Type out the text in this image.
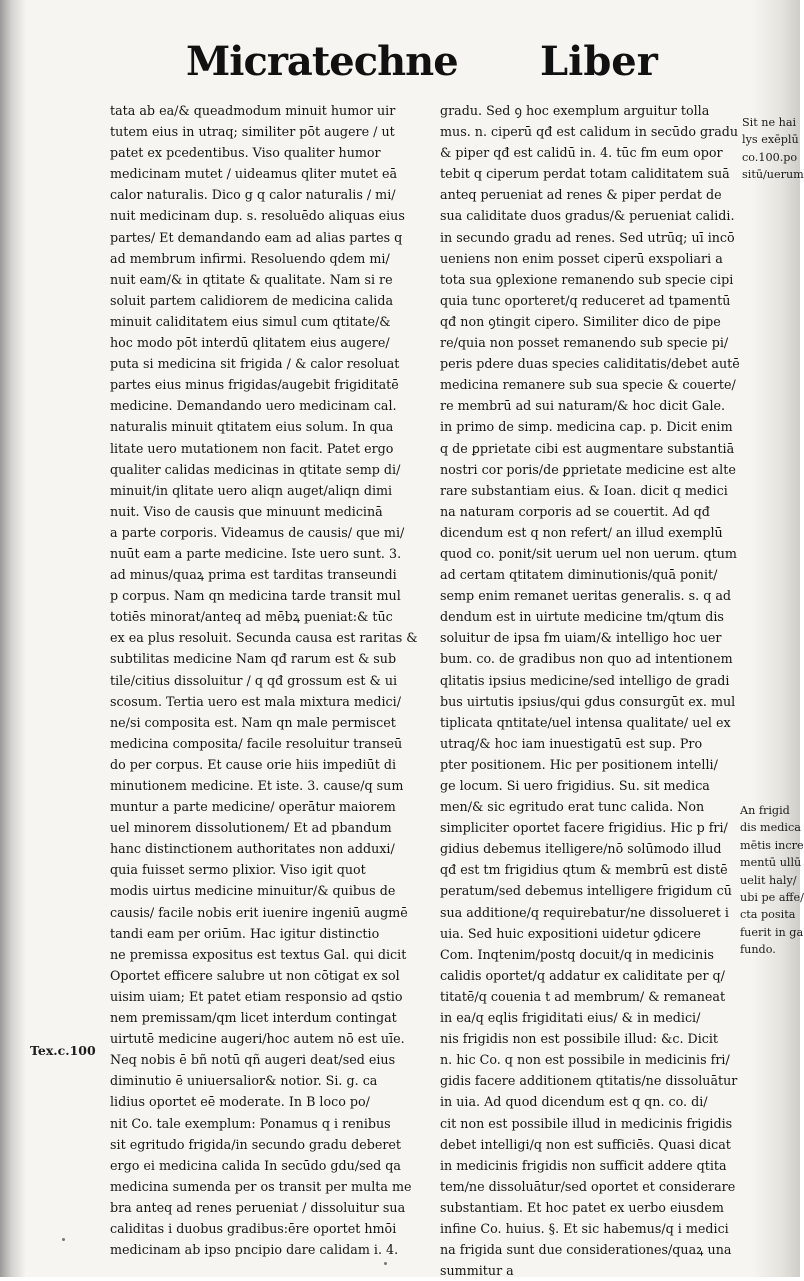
Micratechne Liber
tata ab ea/& queadmodum minuit humor uir
tutem eius in utraq; similiter pōt augere / ut
patet ex pcedentibus. Viso qualiter humor
medicinam mutet / uideamus qliter mutet eā
calor naturalis. Dico g q calor naturalis / mi/
nuit medicinam dup. s. resoluēdo aliquas eius
partes/ Et demandando eam ad alias partes q
ad membrum infirmi. Resoluendo qdem mi/
nuit eam/& in qtitate & qualitate. Nam si re
soluit partem calidiorem de medicina calida
minuit caliditatem eius simul cum qtitate/&
hoc modo pōt interdū qlitatem eius augere/
puta si medicina sit frigida / & calor resoluat
partes eius minus frigidas/augebit frigiditatē
medicine. Demandando uero medicinam cal.
naturalis minuit qtitatem eius solum. In qua
litate uero mutationem non facit. Patet ergo
qualiter calidas medicinas in qtitate semp di/
minuit/in qlitate uero aliqn auget/aliqn dimi
nuit. Viso de causis que minuunt medicinā
a parte corporis. Videamus de causis/ que mi/
nuūt eam a parte medicine. Iste uero sunt. 3.
ad minus/quaꝝ prima est tarditas transeundi
p corpus. Nam qn medicina tarde transit mul
totiēs minorat/anteq ad mēbꝝ pueniat:& tūc
ex ea plus resoluit. Secunda causa est raritas &
subtilitas medicine Nam qđ rarum est & sub
tile/citius dissoluitur / q qđ grossum est & ui
scosum. Tertia uero est mala mixtura medici/
ne/si composita est. Nam qn male permiscet
medicina composita/ facile resoluitur transeū
do per corpus. Et cause orie hiis impediūt di
minutionem medicine. Et iste. 3. cause/q sum
muntur a parte medicine/ operātur maiorem
uel minorem dissolutionem/ Et ad pbandum
hanc distinctionem authoritates non adduxi/
quia fuisset sermo plixior. Viso igit quot
modis uirtus medicine minuitur/& quibus de
causis/ facile nobis erit iuenire ingeniū augmē
tandi eam per oriūm. Hac igitur distinctio
ne premissa expositus est textus Gal. qui dicit
Oportet efficere salubre ut non cōtigat ex sol
uisim uiam; Et patet etiam responsio ad qstio
nem premissam/qm licet interdum contingat
uirtutē medicine augeri/hoc autem nō est uīe.
Neq nobis ē bñ notū qñ augeri deat/sed eius
diminutio ē uniuersalior& notior. Si. g. ca
lidius oportet eē moderate. In B loco po/
nit Co. tale exemplum: Ponamus q i renibus
sit egritudo frigida/in secundo gradu deberet
ergo ei medicina calida In secūdo gdu/sed qa
medicina sumenda per os transit per multa me
bra anteq ad renes perueniat / dissoluitur sua
caliditas i duobus gradibus:ēre oportet hmōi
medicinam ab ipso pncipio dare calidam i. 4.
gradu. Sed ꝯ hoc exemplum arguitur tolla
mus. n. ciperū qđ est calidum in secūdo gradu
& piper qđ est calidū in. 4. tūc fm eum opor
tebit q ciperum perdat totam caliditatem suā
anteq perueniat ad renes & piper perdat de
sua caliditate duos gradus/& perueniat calidi.
in secundo gradu ad renes. Sed utrūq; uī incō
ueniens non enim posset ciperū exspoliari a
tota sua ꝯplexione remanendo sub specie cipi
quia tunc oporteret/q reduceret ad tpamentū
qđ non ꝯtingit cipero. Similiter dico de pipe
re/quia non posset remanendo sub specie pi/
peris pdere duas species caliditatis/debet autē
medicina remanere sub sua specie & couerte/
re membrū ad sui naturam/& hoc dicit Gale.
in primo de simp. medicina cap. p. Dicit enim
q de ꝑprietate cibi est augmentare substantiā
nostri cor poris/de ꝑprietate medicine est alte
rare substantiam eius. & Ioan. dicit q medici
na naturam corporis ad se couertit. Ad qđ
dicendum est q non refert/ an illud exemplū
quod co. ponit/sit uerum uel non uerum. qtum
ad certam qtitatem diminutionis/quā ponit/
semp enim remanet ueritas generalis. s. q ad
dendum est in uirtute medicine tm/qtum dis
soluitur de ipsa fm uiam/& intelligo hoc uer
bum. co. de gradibus non quo ad intentionem
qlitatis ipsius medicine/sed intelligo de gradi
bus uirtutis ipsius/qui gdus consurgūt ex. mul
tiplicata qntitate/uel intensa qualitate/ uel ex
utraq/& hoc iam inuestigatū est sup. Pro
pter positionem. Hic per positionem intelli/
ge locum. Si uero frigidius. Su. sit medica
men/& sic egritudo erat tunc calida. Non
simpliciter oportet facere frigidius. Hic p fri/
gidius debemus itelligere/nō solūmodo illud
qđ est tm frigidius qtum & membrū est distē
peratum/sed debemus intelligere frigidum cū
sua additione/q requirebatur/ne dissolueret i
uia. Sed huic expositioni uidetur ꝯdicere
Com. Inqtenim/postq docuit/q in medicinis
calidis oportet/q addatur ex caliditate per q/
titatē/q couenia t ad membrum/ & remaneat
in ea/q eqlis frigiditati eius/ & in medici/
nis frigidis non est possibile illud: &c. Dicit
n. hic Co. q non est possibile in medicinis fri/
gidis facere additionem qtitatis/ne dissoluātur
in uia. Ad quod dicendum est q qn. co. di/
cit non est possibile illud in medicinis frigidis
debet intelligi/q non est sufficiēs. Quasi dicat
in medicinis frigidis non sufficit addere qtita
tem/ne dissoluātur/sed oportet et considerare
substantiam. Et hoc patet ex uerbo eiusdem
infine Co. huius. §. Et sic habemus/q i medici
na frigida sunt due considerationes/quaꝝ una
summitur a
Tex.c.100
Sit ne hai
lys exēplū
co.100.po
sitū/uerum
An frigid
dis medica
mētis incre
mentū ullū
uelit haly/
ubi pe affe/
cta posita
fuerit in ga
fundo.
